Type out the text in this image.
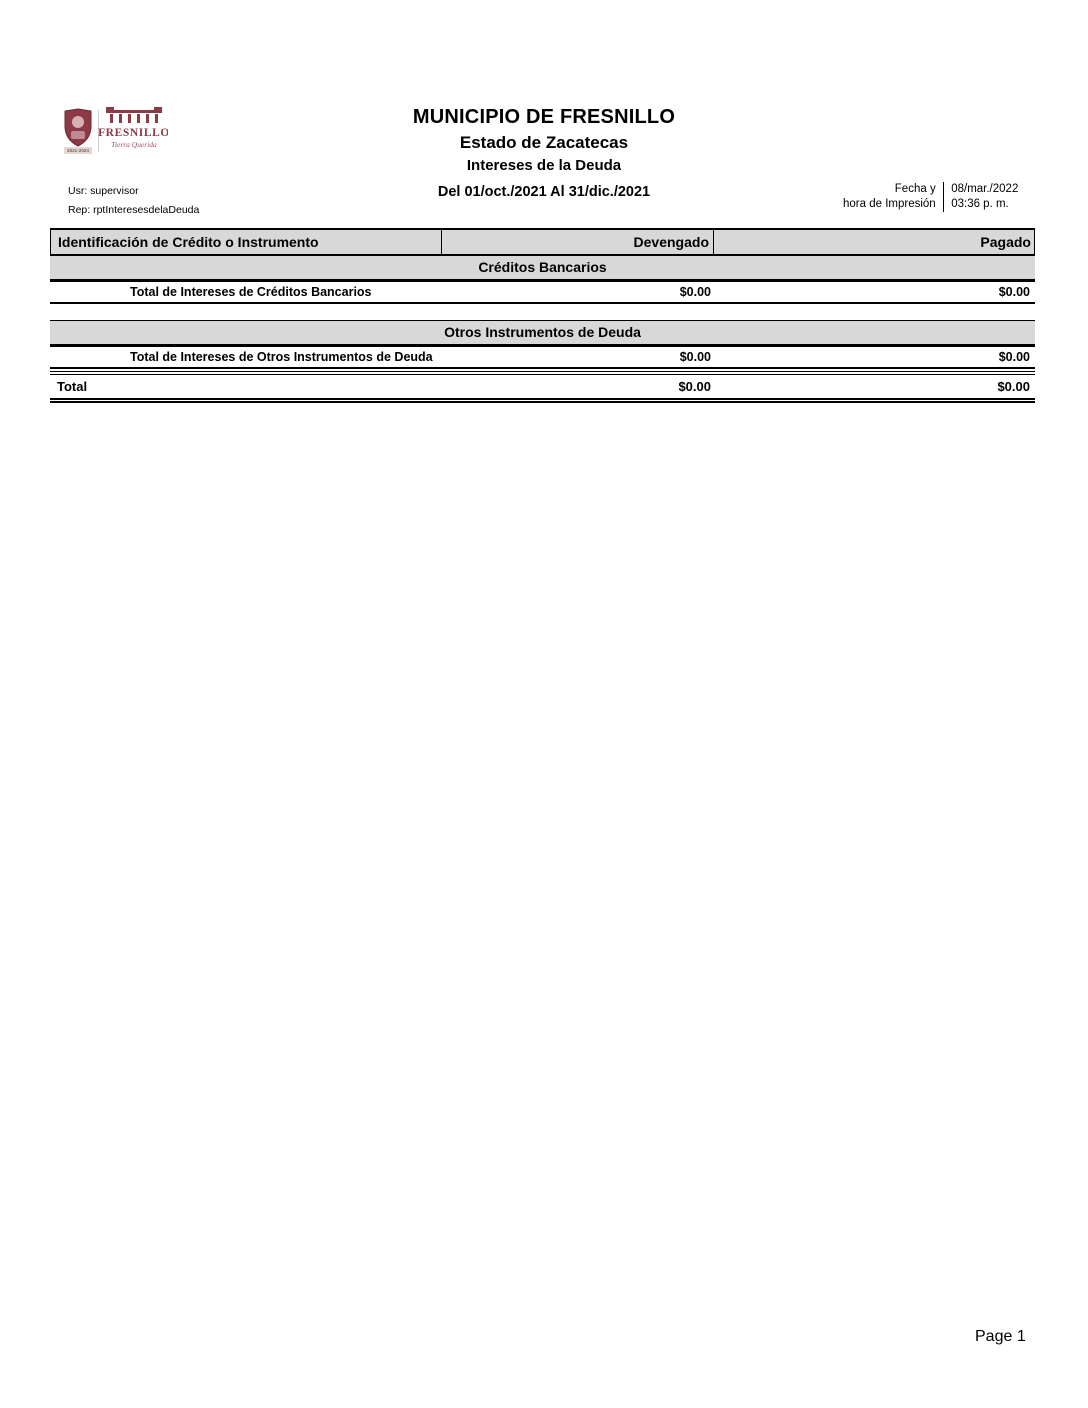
2021-2024
FRESNILLO
Tierra Querida
MUNICIPIO DE FRESNILLO
Estado de Zacatecas
Intereses de la Deuda
Del 01/oct./2021 Al 31/dic./2021
Usr: supervisor
Rep: rptInteresesdelaDeuda
Fecha y
hora de Impresión
08/mar./2022
03:36 p. m.
Identificación de Crédito o Instrumento	Devengado	Pagado
Créditos Bancarios
Total de Intereses de Créditos Bancarios	$0.00	$0.00
Otros Instrumentos de Deuda
Total de Intereses de Otros Instrumentos de Deuda	$0.00	$0.00
Total	$0.00	$0.00
Page 1
